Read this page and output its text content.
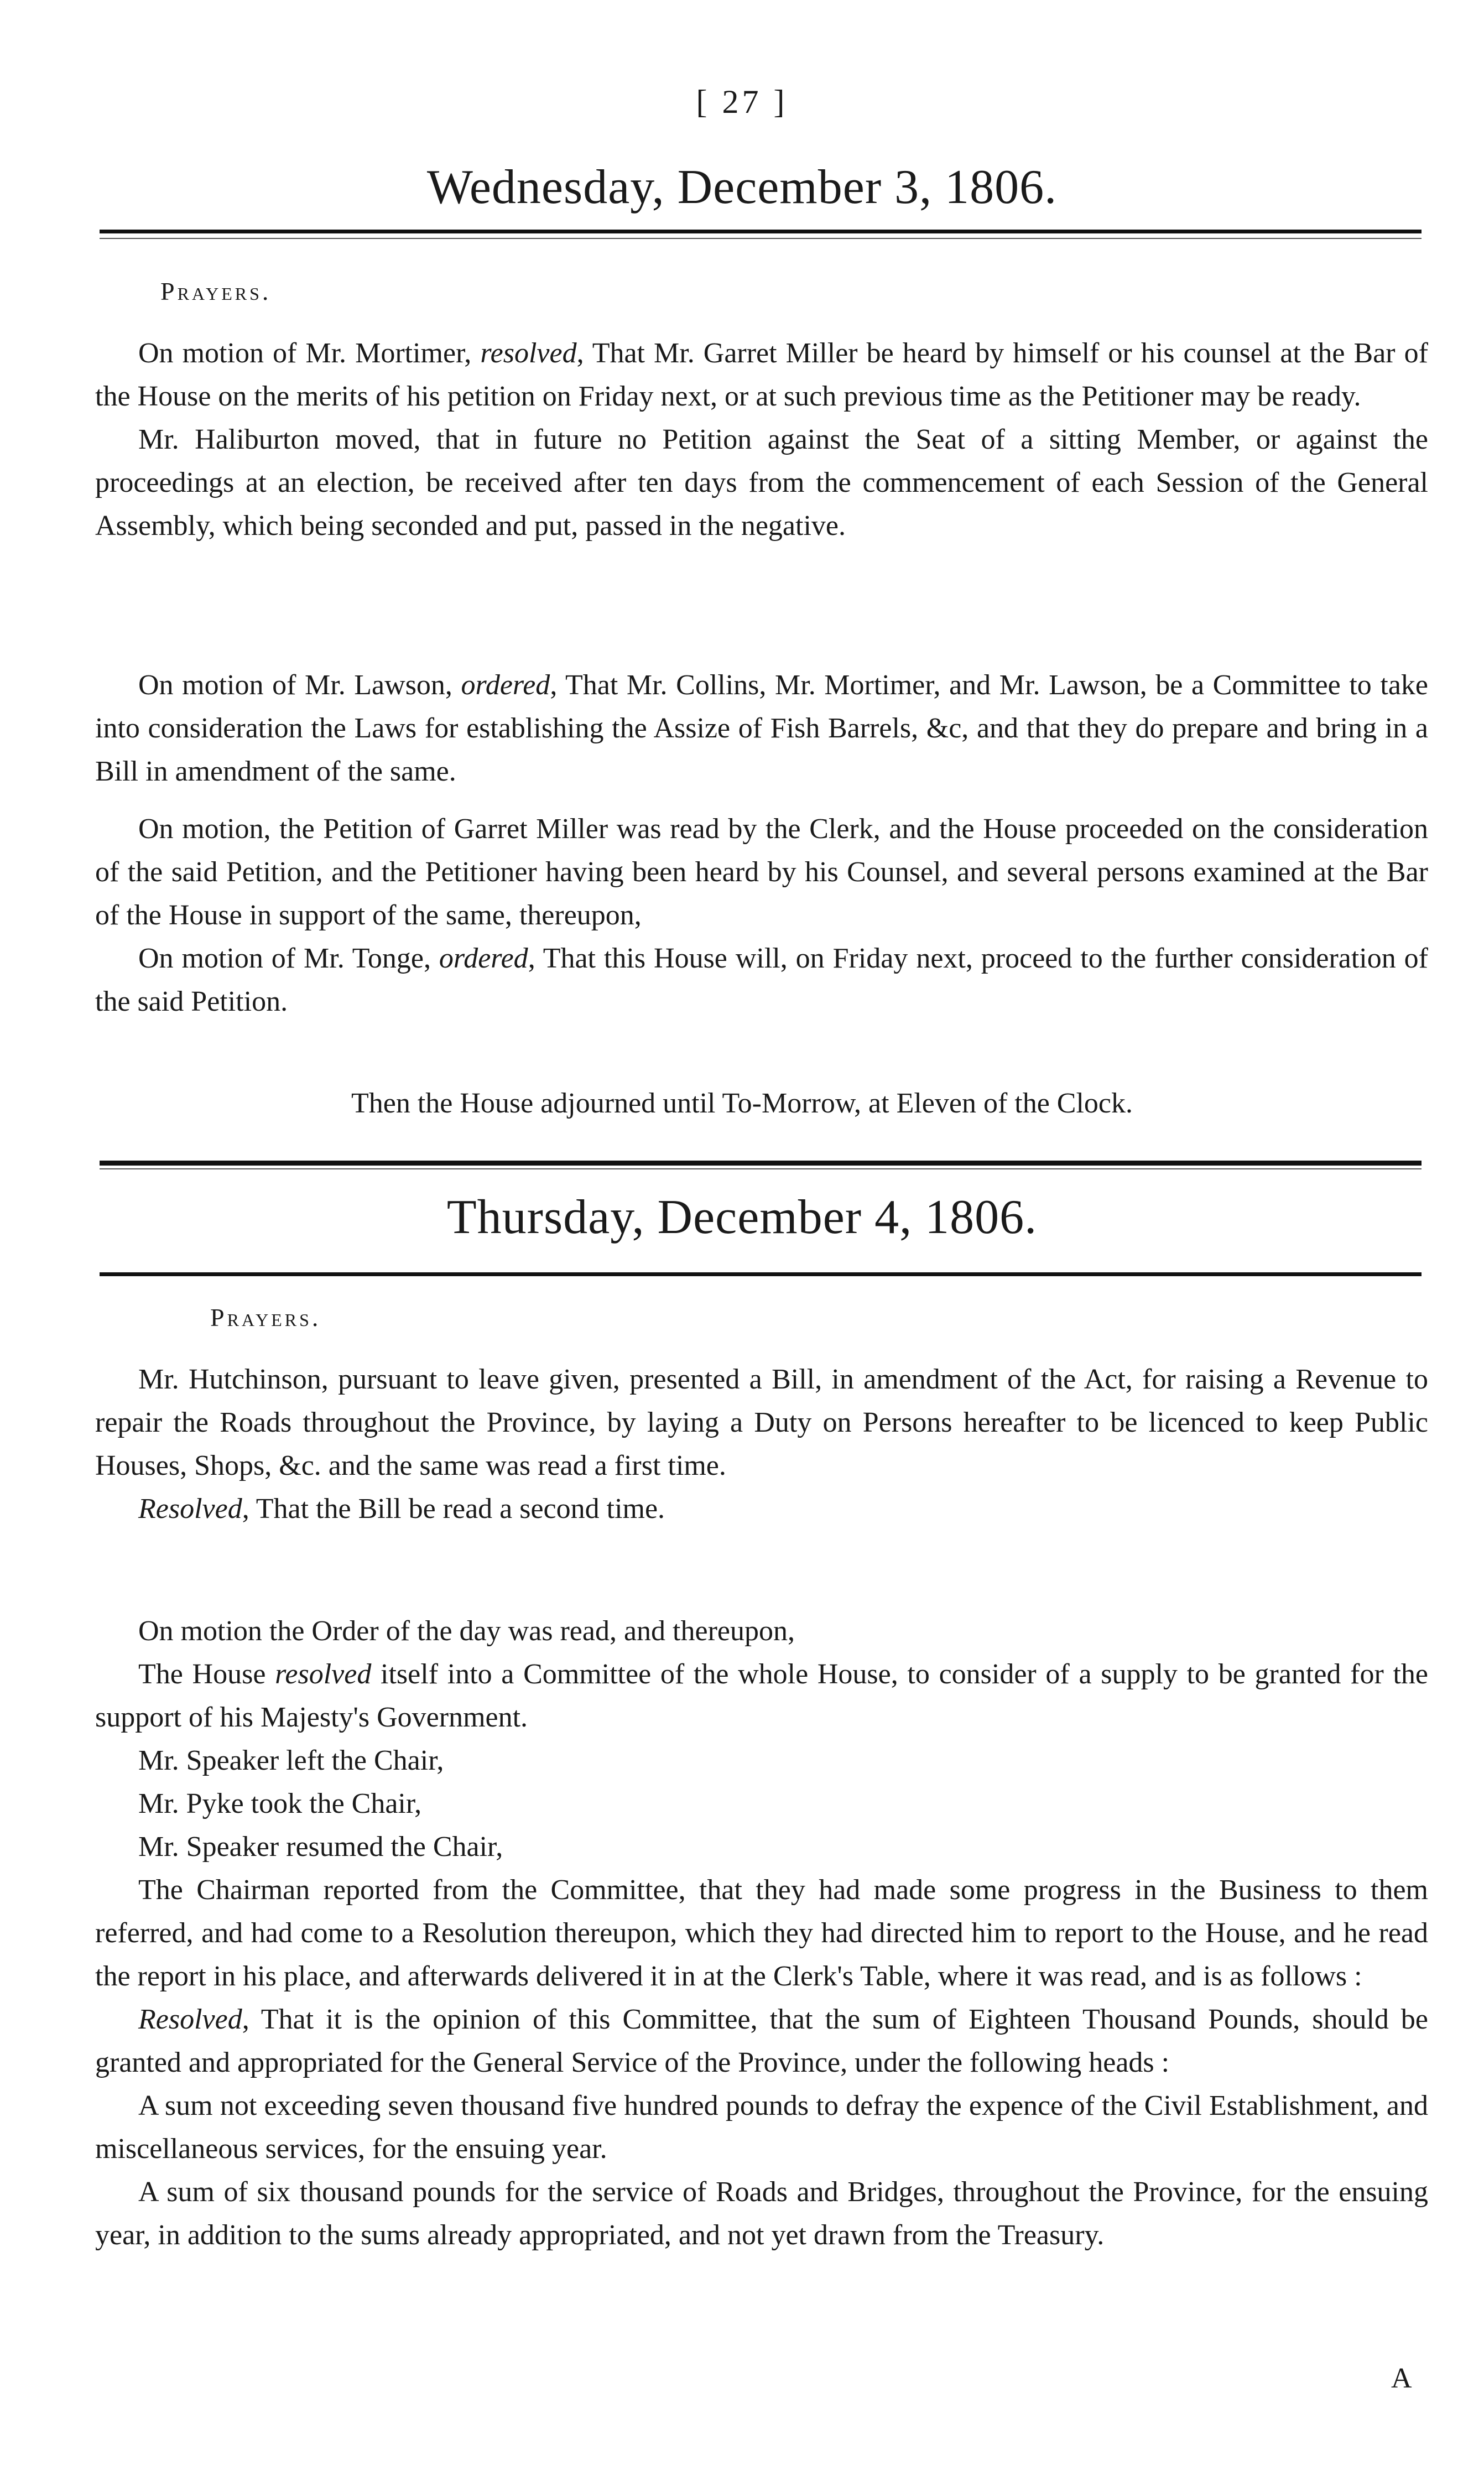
[ 27 ]
Wednesday, December 3, 1806.
Prayers.

On motion of Mr. Mortimer, resolved, That Mr. Garret Miller be heard by himself or his counsel at the Bar of the House on the merits of his petition on Friday next, or at such previous time as the Petitioner may be ready.

Mr. Haliburton moved, that in future no Petition against the Seat of a sitting Member, or against the proceedings at an election, be received after ten days from the commencement of each Session of the General Assembly, which being seconded and put, passed in the negative.

On motion of Mr. Lawson, ordered, That Mr. Collins, Mr. Mortimer, and Mr. Lawson, be a Committee to take into consideration the Laws for establishing the Assize of Fish Barrels, &c, and that they do prepare and bring in a Bill in amendment of the same.

On motion, the Petition of Garret Miller was read by the Clerk, and the House proceeded on the consideration of the said Petition, and the Petitioner having been heard by his Counsel, and several persons examined at the Bar of the House in support of the same, thereupon,

On motion of Mr. Tonge, ordered, That this House will, on Friday next, proceed to the further consideration of the said Petition.

Then the House adjourned until To-Morrow, at Eleven of the Clock.
Thursday, December 4, 1806.
Prayers.

Mr. Hutchinson, pursuant to leave given, presented a Bill, in amendment of the Act, for raising a Revenue to repair the Roads throughout the Province, by laying a Duty on Persons hereafter to be licenced to keep Public Houses, Shops, &c. and the same was read a first time.

Resolved, That the Bill be read a second time.

On motion the Order of the day was read, and thereupon,

The House resolved itself into a Committee of the whole House, to consider of a supply to be granted for the support of his Majesty's Government.

Mr. Speaker left the Chair,

Mr. Pyke took the Chair,

Mr. Speaker resumed the Chair,

The Chairman reported from the Committee, that they had made some progress in the Business to them referred, and had come to a Resolution thereupon, which they had directed him to report to the House, and he read the report in his place, and afterwards delivered it in at the Clerk's Table, where it was read, and is as follows :

Resolved, That it is the opinion of this Committee, that the sum of Eighteen Thousand Pounds, should be granted and appropriated for the General Service of the Province, under the following heads :

A sum not exceeding seven thousand five hundred pounds to defray the expence of the Civil Establishment, and miscellaneous services, for the ensuing year.

A sum of six thousand pounds for the service of Roads and Bridges, throughout the Province, for the ensuing year, in addition to the sums already appropriated, and not yet drawn from the Treasury.

A
